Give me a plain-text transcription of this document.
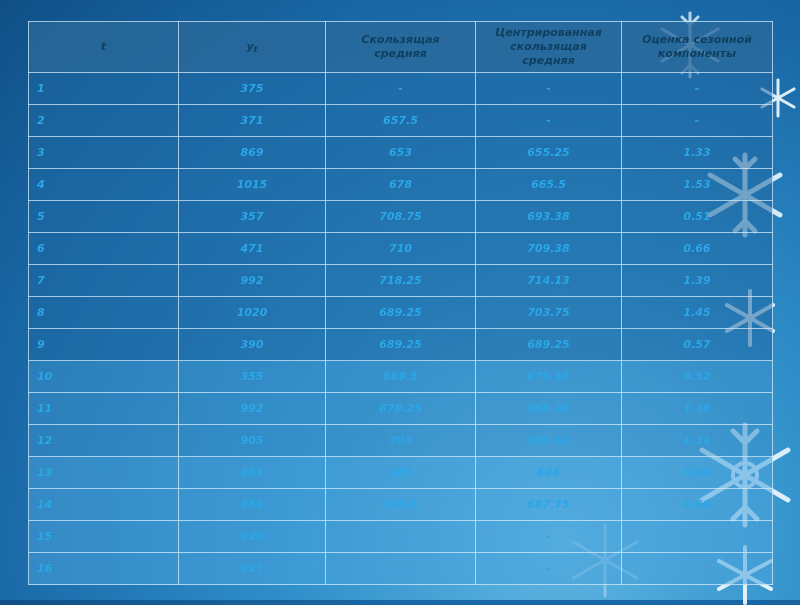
t	$y_t$	Скользящая средняя	Центрированная скользящая средняя	Оценка сезонной компоненты
1	375	-	-	-
2	371	657.5	-	-
3	869	653	655.25	1.33
4	1015	678	665.5	1.53
5	357	708.75	693.38	0.51
6	471	710	709.38	0.66
7	992	718.25	714.13	1.39
8	1020	689.25	703.75	1.45
9	390	689.25	689.25	0.57
10	355	669.5	679.38	0.52
11	992	678.25	668.38	1.48
12	905	703	690.63	1.31
13	461	685	694	0.66
14	454	690.5	687.75	0.66
15	920	-	-	-
16	927	-	-	-
